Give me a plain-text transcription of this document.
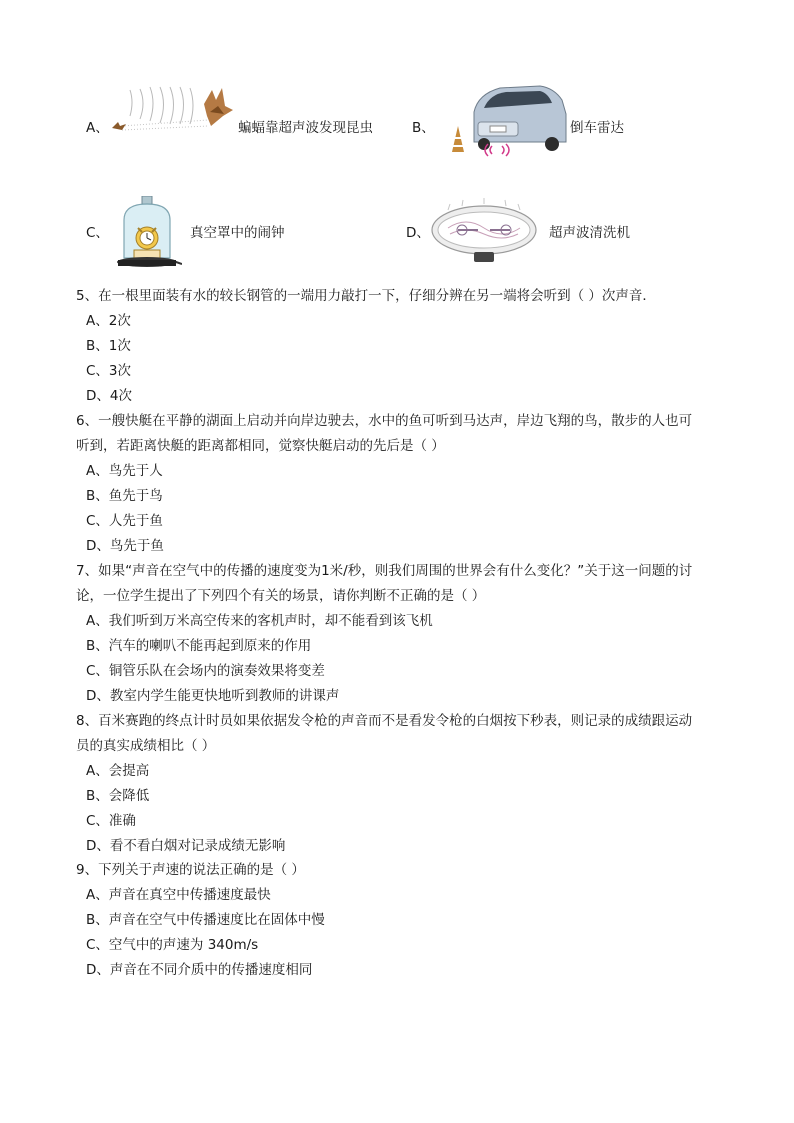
A、	蝙蝠靠超声波发现昆虫	B、	倒车雷达
C、	真空罩中的闹钟	D、	超声波清洗机
5、在一根里面装有水的较长钢管的一端用力敲打一下，仔细分辨在另一端将会听到（ ）次声音．
A、2次
B、1次
C、3次
D、4次
6、一艘快艇在平静的湖面上启动并向岸边驶去，水中的鱼可听到马达声，岸边飞翔的鸟，散步的人也可
听到，若距离快艇的距离都相同，觉察快艇启动的先后是（ ）
A、鸟先于人
B、鱼先于鸟
C、人先于鱼
D、鸟先于鱼
7、如果“声音在空气中的传播的速度变为1米/秒，则我们周围的世界会有什么变化？”关于这一问题的讨
论，一位学生提出了下列四个有关的场景，请你判断不正确的是（ ）
A、我们听到万米高空传来的客机声时，却不能看到该飞机
B、汽车的喇叭不能再起到原来的作用
C、铜管乐队在会场内的演奏效果将变差
D、教室内学生能更快地听到教师的讲课声
8、百米赛跑的终点计时员如果依据发令枪的声音而不是看发令枪的白烟按下秒表，则记录的成绩跟运动
员的真实成绩相比（ ）
A、会提高
B、会降低
C、准确
D、看不看白烟对记录成绩无影响
9、下列关于声速的说法正确的是（ ）
A、声音在真空中传播速度最快
B、声音在空气中传播速度比在固体中慢
C、空气中的声速为 340m/s
D、声音在不同介质中的传播速度相同
